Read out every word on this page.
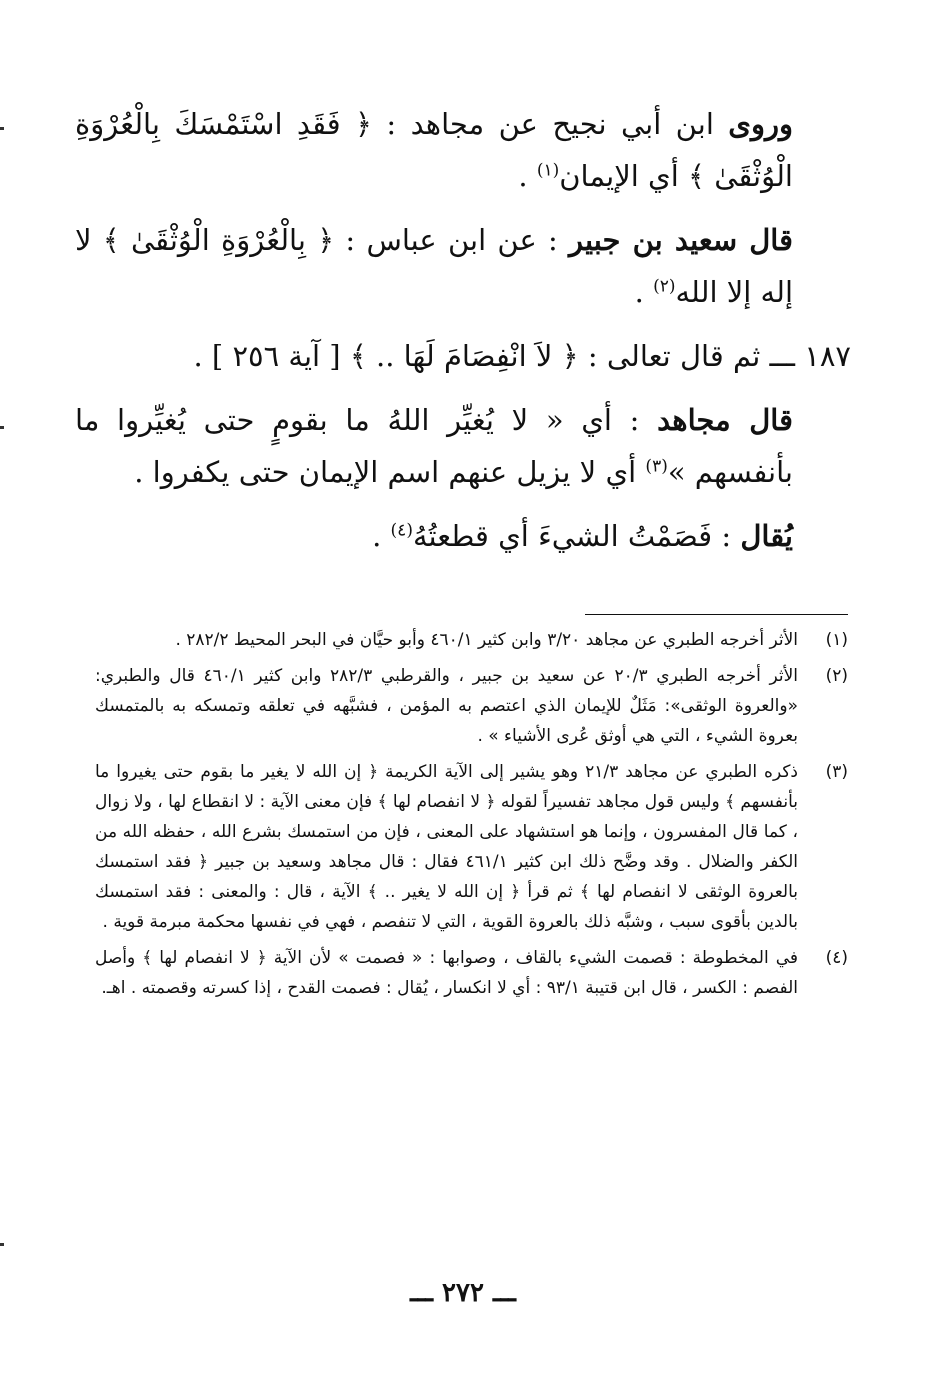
وروى ابن أبي نجيح عن مجاهد : ﴿ فَقَدِ اسْتَمْسَكَ بِالْعُرْوَةِ الْوُثْقَىٰ ﴾ أي الإيمان$^{(١)}$ .

قال سعيد بن جبير : عن ابن عباس : ﴿ بِالْعُرْوَةِ الْوُثْقَىٰ ﴾ لا إله إلا الله$^{(٢)}$ .

١٨٧ ـــ ثم قال تعالى : ﴿ لاَ انْفِصَامَ لَهَا .. ﴾ [ آية ٢٥٦ ] .

قال مجاهد : أي « لا يُغيِّر اللهُ ما بقومٍ حتى يُغيِّروا ما بأنفسهم »$^{(٣)}$ أي لا يزيل عنهم اسم الإيمان حتى يكفروا .

يُقال : فَصَمْتُ الشيءَ أي قطعتُهُ$^{(٤)}$ .

(١)
الأثر أخرجه الطبري عن مجاهد ٣/٢٠ وابن كثير ٤٦٠/١ وأبو حيَّان في البحر المحيط ٢٨٢/٢ .
(٢)
الأثر أخرجه الطبري ٢٠/٣ عن سعيد بن جبير ، والقرطبي ٢٨٢/٣ وابن كثير ٤٦٠/١ قال والطبري: «والعروة الوثقى»: مَثَلٌ للإيمان الذي اعتصم به المؤمن ، فشبَّهه في تعلقه وتمسكه به بالمتمسك بعروة الشيء ، التي هي أوثق عُرى الأشياء » .
(٣)
ذكره الطبري عن مجاهد ٢١/٣ وهو يشير إلى الآية الكريمة ﴿ إن الله لا يغير ما بقوم حتى يغيروا ما بأنفسهم ﴾ وليس قول مجاهد تفسيراً لقوله ﴿ لا انفصام لها ﴾ فإن معنى الآية : لا انقطاع لها ، ولا زوال ، كما قال المفسرون ، وإنما هو استشهاد على المعنى ، فإن من استمسك بشرع الله ، حفظه الله من الكفر والضلال . وقد وضَّح ذلك ابن كثير ٤٦١/١ فقال : قال مجاهد وسعيد بن جبير ﴿ فقد استمسك بالعروة الوثقى لا انفصام لها ﴾ ثم قرأ ﴿ إن الله لا يغير .. ﴾ الآية ، قال : والمعنى : فقد استمسك بالدين بأقوى سبب ، وشبَّه ذلك بالعروة القوية ، التي لا تنفصم ، فهي في نفسها محكمة مبرمة قوية .
(٤)
في المخطوطة : قصمت الشيء بالقاف ، وصوابها : « فصمت » لأن الآية ﴿ لا انفصام لها ﴾ وأصل الفصم : الكسر ، قال ابن قتيبة ٩٣/١ : أي لا انكسار ، يُقال : فصمت القدح ، إذا كسرته وقصمته . اهـ.
ـــ ٢٧٢ ـــ
